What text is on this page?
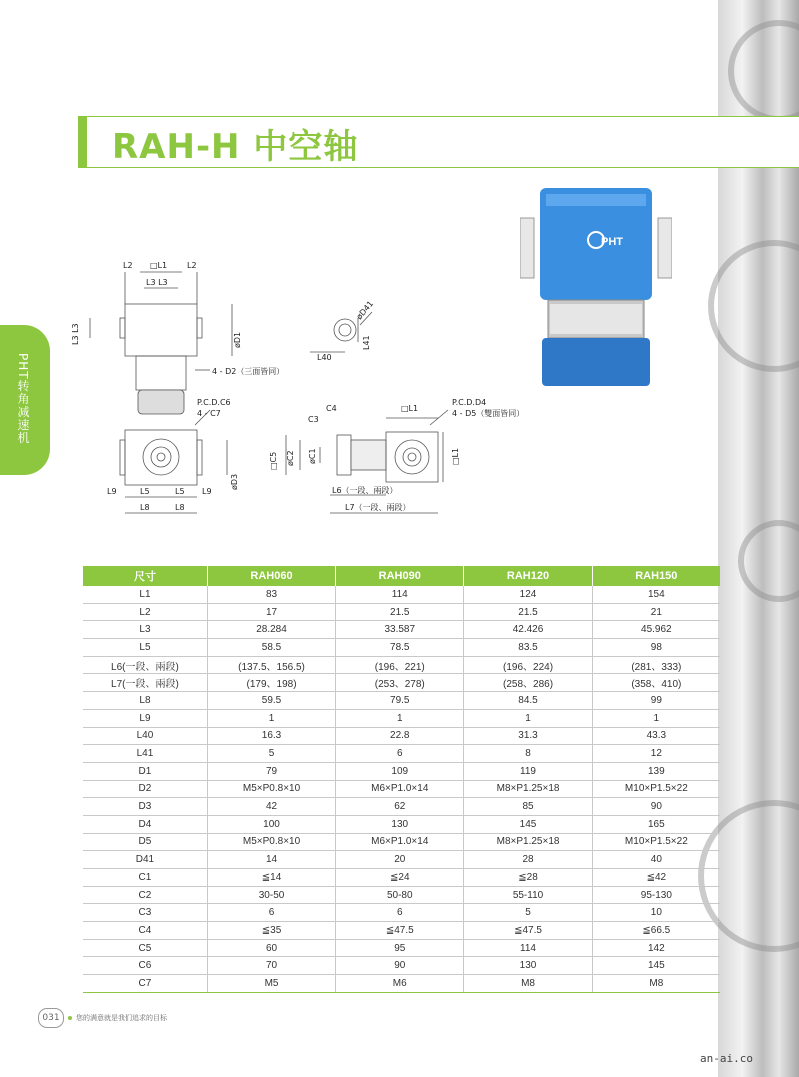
RAH-H 中空轴
PHT转角减速机
L2 □L1 L2
L3 L3
L3 L3	øD1
4 - D2（三面皆同）
P.C.D.C6
4 - C7
øD3
L9	L5	L5 L9
L8	L8
øD41
L41
L40
C4
C3
□L1
P.C.D.D4
4 - D5（雙面皆同）
□C5 øC2 øC1	□L1
L6（一段、兩段）
L7（一段、兩段）
PHT
尺寸	RAH060	RAH090	RAH120	RAH150
L1	83	114	124	154
L2	17	21.5	21.5	21
L3	28.284	33.587	42.426	45.962
L5	58.5	78.5	83.5	98
L6(一段、兩段)	(137.5、156.5)	(196、221)	(196、224)	(281、333)
L7(一段、兩段)	(179、198)	(253、278)	(258、286)	(358、410)
L8	59.5	79.5	84.5	99
L9	1	1	1	1
L40	16.3	22.8	31.3	43.3
L41	5	6	8	12
D1	79	109	119	139
D2	M5×P0.8×10	M6×P1.0×14	M8×P1.25×18	M10×P1.5×22
D3	42	62	85	90
D4	100	130	145	165
D5	M5×P0.8×10	M6×P1.0×14	M8×P1.25×18	M10×P1.5×22
D41	14	20	28	40
C1	≦14	≦24	≦28	≦42
C2	30-50	50-80	55-110	95-130
C3	6	6	5	10
C4	≦35	≦47.5	≦47.5	≦66.5
C5	60	95	114	142
C6	70	90	130	145
C7	M5	M6	M8	M8
031	您的满意就是我们追求的目标
an-ai.co
